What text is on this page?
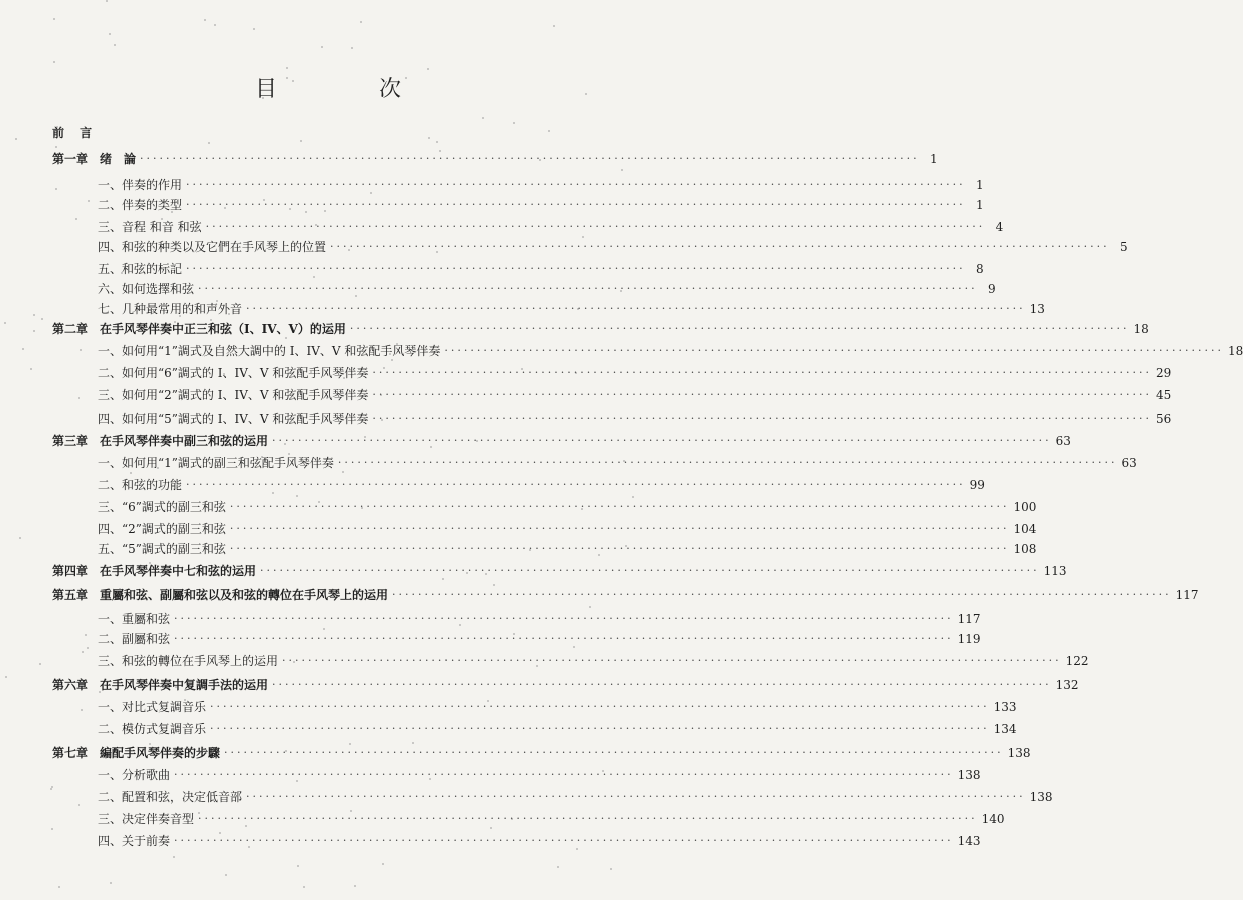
目　次
前 言
第一章　绪　論 ························································································································ 1
一、伴奏的作用 ························································································································ 1
二、伴奏的类型 ························································································································ 1
三、音程 和音 和弦 ························································································································ 4
四、和弦的种类以及它們在手风琴上的位置 ························································································································ 5
五、和弦的标記 ························································································································ 8
六、如何选擇和弦 ························································································································ 9
七、几种最常用的和声外音 ························································································································ 13
第二章　在手风琴伴奏中正三和弦（I、IV、V）的运用 ························································································································ 18
一、如何用“1”調式及自然大調中的 I、IV、V 和弦配手风琴伴奏 ························································································································ 18
二、如何用“6”調式的 I、IV、V 和弦配手风琴伴奏 ························································································································ 29
三、如何用“2”調式的 I、IV、V 和弦配手风琴伴奏 ························································································································ 45
四、如何用“5”調式的 I、IV、V 和弦配手风琴伴奏 ························································································································ 56
第三章　在手风琴伴奏中副三和弦的运用 ························································································································ 63
一、如何用“1”調式的副三和弦配手风琴伴奏 ························································································································ 63
二、和弦的功能 ························································································································ 99
三、“6”調式的副三和弦 ························································································································ 100
四、“2”調式的副三和弦 ························································································································ 104
五、“5”調式的副三和弦 ························································································································ 108
第四章　在手风琴伴奏中七和弦的运用 ························································································································ 113
第五章　重屬和弦、副屬和弦以及和弦的轉位在手风琴上的运用 ························································································································ 117
一、重屬和弦 ························································································································ 117
二、副屬和弦 ························································································································ 119
三、和弦的轉位在手风琴上的运用 ························································································································ 122
第六章　在手风琴伴奏中复調手法的运用 ························································································································ 132
一、对比式复調音乐 ························································································································ 133
二、模仿式复調音乐 ························································································································ 134
第七章　編配手风琴伴奏的步驟 ························································································································ 138
一、分析歌曲 ························································································································ 138
二、配置和弦，决定低音部 ························································································································ 138
三、决定伴奏音型 ························································································································ 140
四、关于前奏 ························································································································ 143
